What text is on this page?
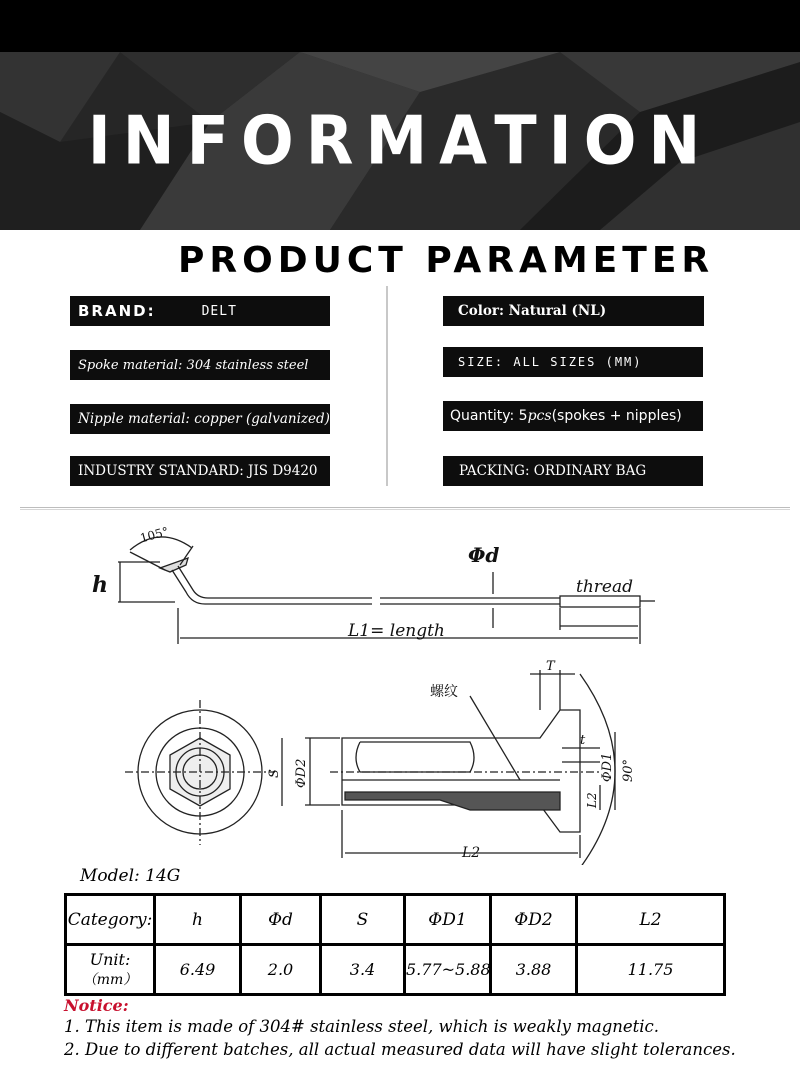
INFORMATION
PRODUCT PARAMETER
BRAND:	DELT
Spoke material: 304 stainless steel
Nipple material: copper (galvanized)
INDUSTRY STANDARD: JIS D9420
Color: Natural (NL)
SIZE: ALL SIZES (MM)
Quantity: 5 pcs (spokes + nipples)
PACKING: ORDINARY BAG
105°
h
Φd
thread
L1= length
螺纹
T
t
S ΦD2	ΦD1
L2
90°
L2
Model: 14G
Category:	h	Φd	S	ΦD1	ΦD2	L2

Unit:
（mm）	6.49	2.0	3.4	5.77~5.88	3.88	11.75
Notice:
1. This item is made of 304# stainless steel, which is weakly magnetic.
2. Due to different batches, all actual measured data will have slight tolerances.
